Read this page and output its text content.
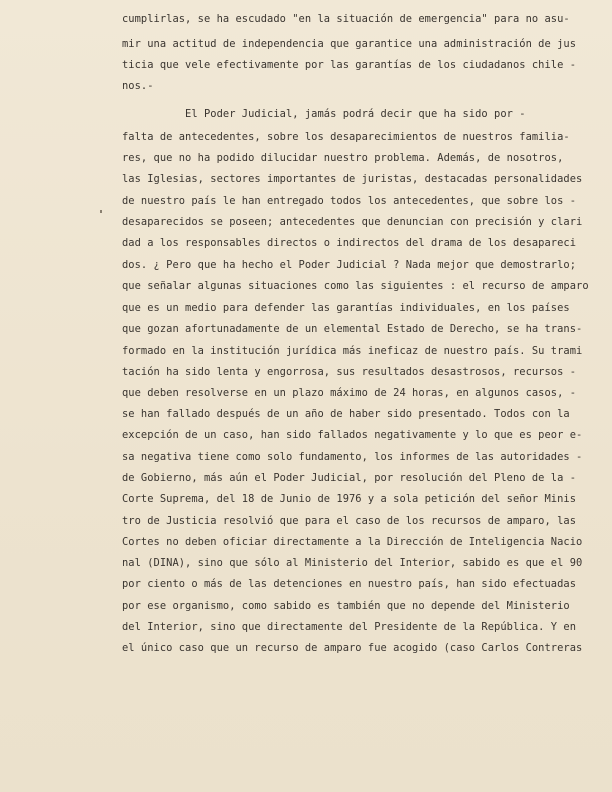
cumplirlas, se ha escudado "en la situación de emergencia" para no asu-
mir una actitud de independencia que garantice una administración de jus
ticia que vele efectivamente por las garantías de los ciudadanos chile -
nos.-
El Poder Judicial, jamás podrá decir que ha sido por -
falta de antecedentes, sobre los desaparecimientos de nuestros familia-
res, que no ha podido dilucidar nuestro problema. Además, de nosotros,
las Iglesias, sectores importantes de juristas, destacadas personalidades
de nuestro país le han entregado todos los antecedentes, que sobre los -
desaparecidos se poseen; antecedentes que denuncian con precisión y clari
dad a los responsables directos o indirectos del drama de los desapareci
dos. ¿ Pero que ha hecho el Poder Judicial ? Nada mejor que demostrarlo;
que señalar algunas situaciones como las siguientes : el recurso de amparo
que es un medio para defender las garantías individuales, en los países
que gozan afortunadamente de un elemental Estado de Derecho, se ha trans-
formado en la institución jurídica más ineficaz de nuestro país. Su trami
tación ha sido lenta y engorrosa, sus resultados desastrosos, recursos -
que deben resolverse en un plazo máximo de 24 horas, en algunos casos, -
se han fallado después de un año de haber sido presentado. Todos con la
excepción de un caso, han sido fallados negativamente y lo que es peor e-
sa negativa tiene como solo fundamento, los informes de las autoridades -
de Gobierno, más aún el Poder Judicial, por resolución del Pleno de la -
Corte Suprema, del 18 de Junio de 1976 y a sola petición del señor Minis
tro de Justicia resolvió que para el caso de los recursos de amparo, las
Cortes no deben oficiar directamente a la Dirección de Inteligencia Nacio
nal (DINA), sino que sólo al Ministerio del Interior, sabido es que el 90
por ciento o más de las detenciones en nuestro país, han sido efectuadas
por ese organismo, como sabido es también que no depende del Ministerio
del Interior, sino que directamente del Presidente de la República. Y en
el único caso que un recurso de amparo fue acogido (caso Carlos Contreras
